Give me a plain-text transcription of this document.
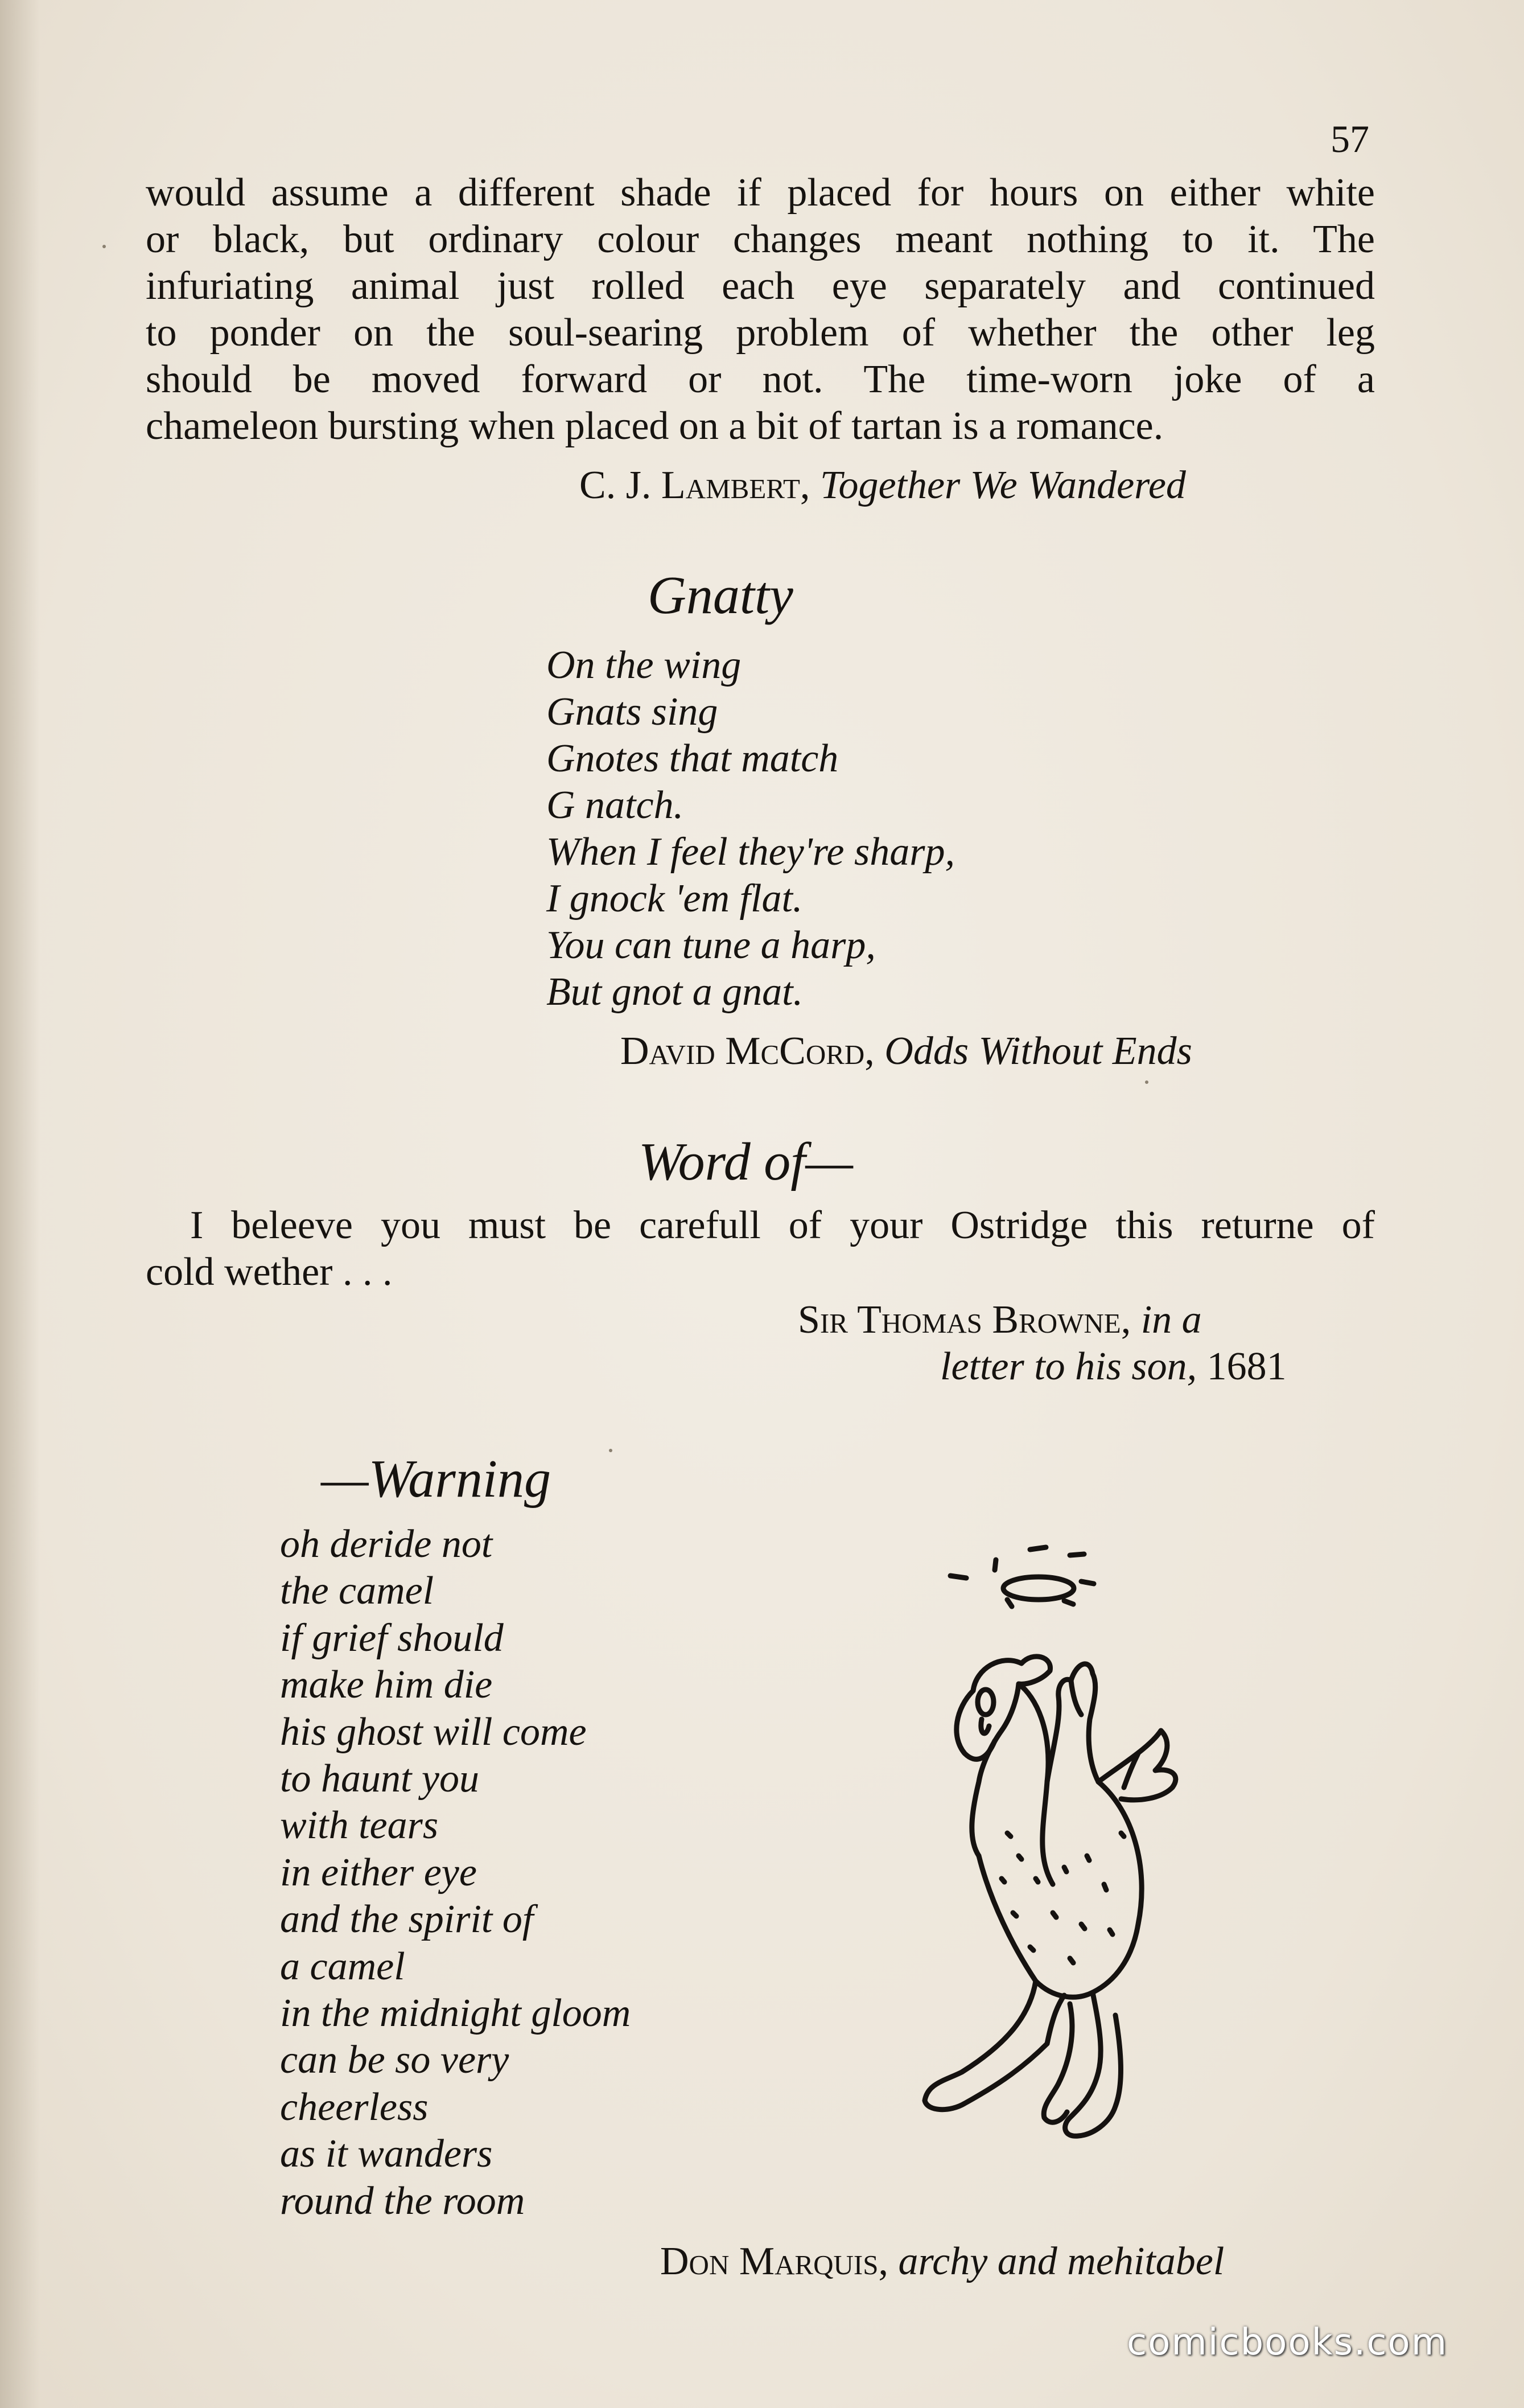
57
would assume a different shade if placed for hours on either white
or black, but ordinary colour changes meant nothing to it. The
infuriating animal just rolled each eye separately and continued
to ponder on the soul-searing problem of whether the other leg
should be moved forward or not. The time-worn joke of a
chameleon bursting when placed on a bit of tartan is a romance.
C. J. Lambert, Together We Wandered
Gnatty
On the wing
Gnats sing
Gnotes that match
G natch.
When I feel they're sharp,
I gnock 'em flat.
You can tune a harp,
But gnot a gnat.
David McCord, Odds Without Ends
Word of—
I beleeve you must be carefull of your Ostridge this returne of
cold wether . . .
Sir Thomas Browne, in a
letter to his son, 1681
—Warning
oh deride not
the camel
if grief should
make him die
his ghost will come
to haunt you
with tears
in either eye
and the spirit of
a camel
in the midnight gloom
can be so very
cheerless
as it wanders
round the room
Don Marquis, archy and mehitabel
comicbooks.com
